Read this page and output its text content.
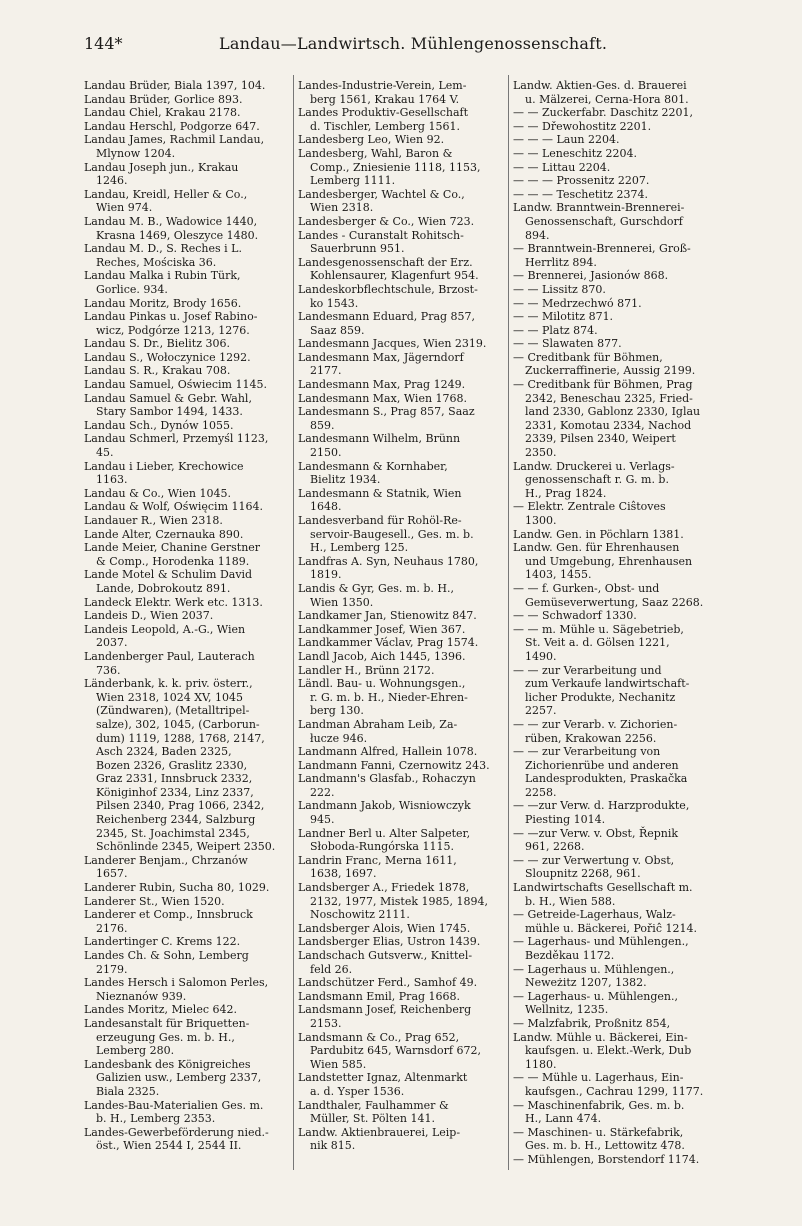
144*	Landau—Landwirtsch. Mühlengenossenschaft.
Landau Brüder, Biala 1397, 104.
Landau Brüder, Gorlice 893.
Landau Chiel, Krakau 2178.
Landau Herschl, Podgorze 647.
Landau James, Rachmil Landau,
Mlynow 1204.
Landau Joseph jun., Krakau
1246.
Landau, Kreidl, Heller & Co.,
Wien 974.
Landau M. B., Wadowice 1440,
Krasna 1469, Oleszyce 1480.
Landau M. D., S. Reches i L.
Reches, Mościska 36.
Landau Malka i Rubin Türk,
Gorlice. 934.
Landau Moritz, Brody 1656.
Landau Pinkas u. Josef Rabino-
wicz, Podgórze 1213, 1276.
Landau S. Dr., Bielitz 306.
Landau S., Wołoczynice 1292.
Landau S. R., Krakau 708.
Landau Samuel, Oświecim 1145.
Landau Samuel & Gebr. Wahl,
Stary Sambor 1494, 1433.
Landau Sch., Dynów 1055.
Landau Schmerl, Przemyśl 1123,
45.
Landau i Lieber, Krechowice
1163.
Landau & Co., Wien 1045.
Landau & Wolf, Oświęcim 1164.
Landauer R., Wien 2318.
Lande Alter, Czernauka 890.
Lande Meier, Chanine Gerstner
& Comp., Horodenka 1189.
Lande Motel & Schulim David
Lande, Dobrokoutz 891.
Landeck Elektr. Werk etc. 1313.
Landeis D., Wien 2037.
Landeis Leopold, A.-G., Wien
2037.
Landenberger Paul, Lauterach
736.
Länderbank, k. k. priv. österr.,
Wien 2318, 1024 XV, 1045
(Zündwaren), (Metalltripel-
salze), 302, 1045, (Carborun-
dum) 1119, 1288, 1768, 2147,
Asch 2324, Baden 2325,
Bozen 2326, Graslitz 2330,
Graz 2331, Innsbruck 2332,
Königinhof 2334, Linz 2337,
Pilsen 2340, Prag 1066, 2342,
Reichenberg 2344, Salzburg
2345, St. Joachimstal 2345,
Schönlinde 2345, Weipert 2350.
Landerer Benjam., Chrzanów
1657.
Landerer Rubin, Sucha 80, 1029.
Landerer St., Wien 1520.
Landerer et Comp., Innsbruck
2176.
Landertinger C. Krems 122.
Landes Ch. & Sohn, Lemberg
2179.
Landes Hersch i Salomon Perles,
Nieznanów 939.
Landes Moritz, Mielec 642.
Landesanstalt für Briquetten-
erzeugung Ges. m. b. H.,
Lemberg 280.
Landesbank des Königreiches
Galizien usw., Lemberg 2337,
Biala 2325.
Landes-Bau-Materialien Ges. m.
b. H., Lemberg 2353.
Landes-Gewerbeförderung nied.-
öst., Wien 2544 I, 2544 II.
Landes-Industrie-Verein, Lem-
berg 1561, Krakau 1764 V.
Landes Produktiv-Gesellschaft
d. Tischler, Lemberg 1561.
Landesberg Leo, Wien 92.
Landesberg, Wahl, Baron &
Comp., Zniesienie 1118, 1153,
Lemberg 1111.
Landesberger, Wachtel & Co.,
Wien 2318.
Landesberger & Co., Wien 723.
Landes - Curanstalt Rohitsch-
Sauerbrunn 951.
Landesgenossenschaft der Erz.
Kohlensaurer, Klagenfurt 954.
Landeskorbflechtschule, Brzost-
ko 1543.
Landesmann Eduard, Prag 857,
Saaz 859.
Landesmann Jacques, Wien 2319.
Landesmann Max, Jägerndorf
2177.
Landesmann Max, Prag 1249.
Landesmann Max, Wien 1768.
Landesmann S., Prag 857, Saaz
859.
Landesmann Wilhelm, Brünn
2150.
Landesmann & Kornhaber,
Bielitz 1934.
Landesmann & Statnik, Wien
1648.
Landesverband für Rohöl-Re-
servoir-Baugesell., Ges. m. b.
H., Lemberg 125.
Landfras A. Syn, Neuhaus 1780,
1819.
Landis & Gyr, Ges. m. b. H.,
Wien 1350.
Landkamer Jan, Stienowitz 847.
Landkammer Josef, Wien 367.
Landkammer Václav, Prag 1574.
Landl Jacob, Aich 1445, 1396.
Landler H., Brünn 2172.
Ländl. Bau- u. Wohnungsgen.,
r. G. m. b. H., Nieder-Ehren-
berg 130.
Landman Abraham Leib, Za-
łucze 946.
Landmann Alfred, Hallein 1078.
Landmann Fanni, Czernowitz 243.
Landmann's Glasfab., Rohaczyn
222.
Landmann Jakob, Wisniowczyk
945.
Landner Berl u. Alter Salpeter,
Słoboda-Rungórska 1115.
Landrin Franc, Merna 1611,
1638, 1697.
Landsberger A., Friedek 1878,
2132, 1977, Mistek 1985, 1894,
Noschowitz 2111.
Landsberger Alois, Wien 1745.
Landsberger Elias, Ustron 1439.
Landschach Gutsverw., Knittel-
feld 26.
Landschützer Ferd., Samhof 49.
Landsmann Emil, Prag 1668.
Landsmann Josef, Reichenberg
2153.
Landsmann & Co., Prag 652,
Pardubitz 645, Warnsdorf 672,
Wien 585.
Landstetter Ignaz, Altenmarkt
a. d. Ysper 1536.
Landthaler, Faulhammer &
Müller, St. Pölten 141.
Landw. Aktienbrauerei, Leip-
nik 815.
Landw. Aktien-Ges. d. Brauerei
u. Mälzerei, Cerna-Hora 801.
— — Zuckerfabr. Daschitz 2201,
— — Dřewohostitz 2201.
— — — Laun 2204.
— — Leneschitz 2204.
— — Littau 2204.
— — — Prossenitz 2207.
— — — Teschetitz 2374.
Landw. Branntwein-Brennerei-
Genossenschaft, Gurschdorf
894.
— Branntwein-Brennerei, Groß-
Herrlitz 894.
— Brennerei, Jasionów 868.
— — Lissitz 870.
— — Medrzechwó 871.
— — Milotitz 871.
— — Platz 874.
— — Slawaten 877.
— Creditbank für Böhmen,
Zuckerraffinerie, Aussig 2199.
— Creditbank für Böhmen, Prag
2342, Beneschau 2325, Fried-
land 2330, Gablonz 2330, Iglau
2331, Komotau 2334, Nachod
2339, Pilsen 2340, Weipert
2350.
Landw. Druckerei u. Verlags-
genossenschaft r. G. m. b.
H., Prag 1824.
— Elektr. Zentrale Ciŝtoves
1300.
Landw. Gen. in Pöchlarn 1381.
Landw. Gen. für Ehrenhausen
und Umgebung, Ehrenhausen
1403, 1455.
— — f. Gurken-, Obst- und
Gemüseverwertung, Saaz 2268.
— — Schwadorf 1330.
— — m. Mühle u. Sägebetrieb,
St. Veit a. d. Gölsen 1221,
1490.
— — zur Verarbeitung und
zum Verkaufe landwirtschaft-
licher Produkte, Nechanitz
2257.
— — zur Verarb. v. Zichorien-
rüben, Krakowan 2256.
— — zur Verarbeitung von
Zichorienrübe und anderen
Landesprodukten, Praskačka
2258.
— —zur Verw. d. Harzprodukte,
Piesting 1014.
— —zur Verw. v. Obst, Řepnik
961, 2268.
— — zur Verwertung v. Obst,
Sloupnitz 2268, 961.
Landwirtschafts Gesellschaft m.
b. H., Wien 588.
— Getreide-Lagerhaus, Walz-
mühle u. Bäckerei, Pořiĉ 1214.
— Lagerhaus- und Mühlengen.,
Bezděkau 1172.
— Lagerhaus u. Mühlengen.,
Neweżitz 1207, 1382.
— Lagerhaus- u. Mühlengen.,
Wellnitz, 1235.
— Malzfabrik, Proßnitz 854,
Landw. Mühle u. Bäckerei, Ein-
kaufsgen. u. Elekt.-Werk, Dub
1180.
— — Mühle u. Lagerhaus, Ein-
kaufsgen., Cachrau 1299, 1177.
— Maschinenfabrik, Ges. m. b.
H., Lann 474.
— Maschinen- u. Stärkefabrik,
Ges. m. b. H., Lettowitz 478.
— Mühlengen, Borstendorf 1174.
